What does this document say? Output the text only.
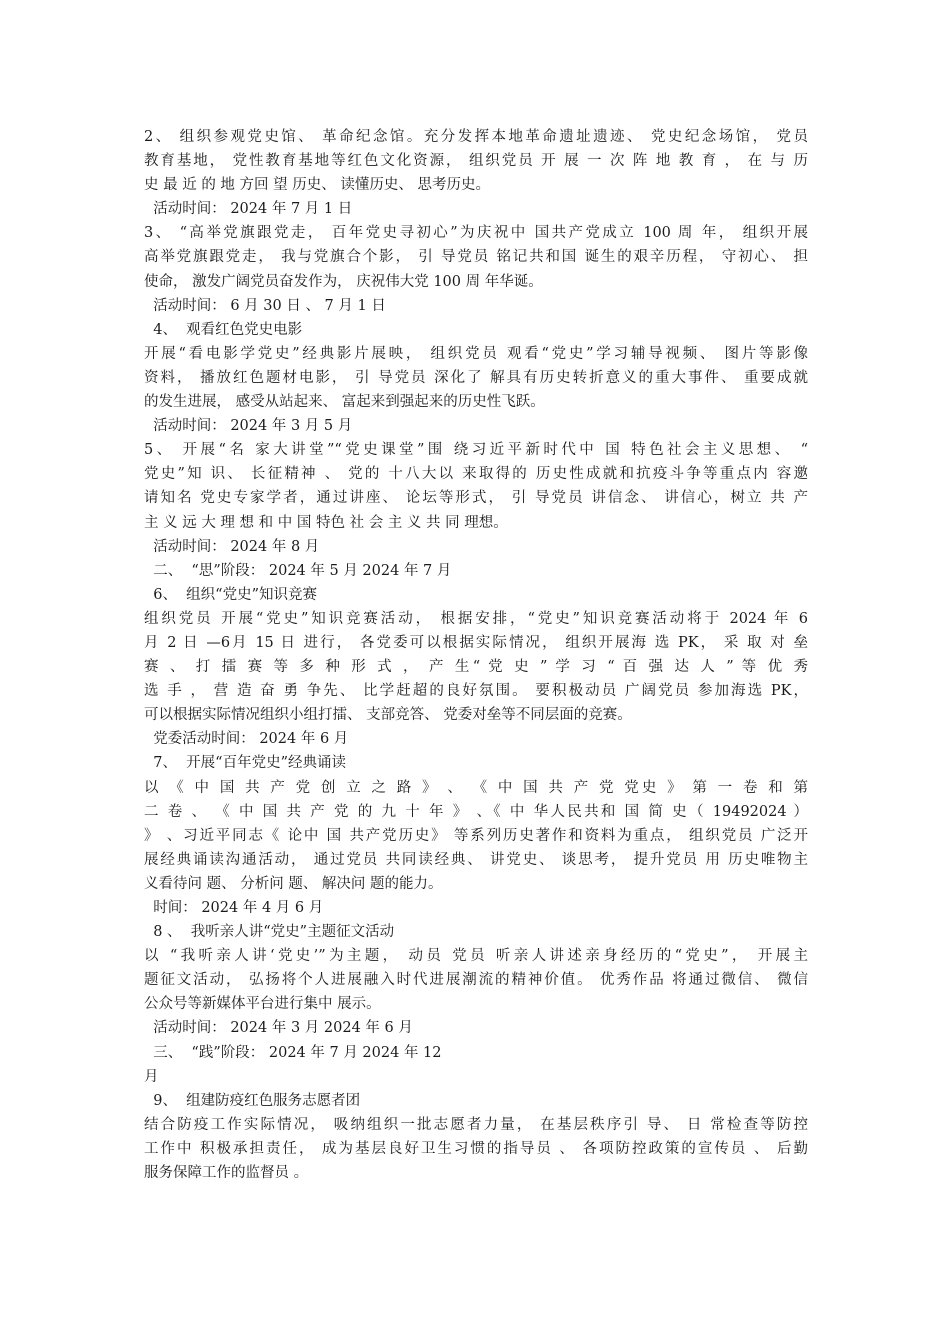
2、 组织参观党史馆、 革命纪念馆。充分发挥本地革命遗址遗迹、 党史纪念场馆， 党员
教育基地， 党性教育基地等红色文化资源， 组织党员 开 展 一 次 阵 地 教 育 ， 在 与 历
史 最 近 的 地 方回 望 历史、 读懂历史、 思考历史。
活动时间： 2024 年 7 月 1 日
3、 “高举党旗跟党走， 百年党史寻初心”为庆祝中 国共产党成立 100 周 年， 组织开展
高举党旗跟党走， 我与党旗合个影， 引 导党员 铭记共和国 诞生的艰辛历程， 守初心、 担
使命， 激发广阔党员奋发作为， 庆祝伟大党 100 周 年华诞。
活动时间： 6 月 30 日 、 7 月 1 日
4、  观看红色党史电影
开展“看电影学党史”经典影片展映， 组织党员 观看“党史”学习辅导视频、 图片等影像
资料， 播放红色题材电影， 引 导党员 深化了 解具有历史转折意义的重大事件、 重要成就
的发生进展， 感受从站起来、 富起来到强起来的历史性飞跃。
活动时间： 2024 年 3 月 5 月
5、 开展“名 家大讲堂”“党史课堂”围 绕习近平新时代中 国 特色社会主义思想、 “
党史”知 识、 长征精神 、 党的 十八大以 来取得的 历史性成就和抗疫斗争等重点内 容邀
请知名 党史专家学者，通过讲座、 论坛等形式， 引 导党员 讲信念、 讲信心，树立 共 产
主 义 远 大 理 想 和 中 国 特色 社 会 主 义 共 同 理想。
活动时间： 2024 年 8 月
二、  “思”阶段： 2024 年 5 月 2024 年 7 月
6、  组织“党史”知识竞赛
组织党员 开展“党史”知识竞赛活动， 根据安排，“党史”知识竞赛活动将于 2024 年 6
月 2 日 —6月 15 日 进行， 各党委可以根据实际情况， 组织开展海 选 PK， 采 取 对 垒
赛 、 打 擂 赛 等 多 种 形 式 ， 产 生“ 党 史 ” 学 习 “ 百 强 达 人 ” 等 优 秀
选 手 ， 营 造 奋 勇 争先、 比学赶超的良好氛围。 要积极动员 广阔党员 参加海选 PK，
可以根据实际情况组织小组打擂、 支部竞答、 党委对垒等不同层面的竞赛。
党委活动时间： 2024 年 6 月
7、  开展“百年党史”经典诵读
以 《 中 国 共 产 党 创 立 之 路 》 、 《 中 国 共 产 党 党史 》 第 一 卷 和 第
二 卷 、 《 中 国 共 产 党 的 九 十 年 》 、《 中 华人民共和 国 简 史（ 19492024 ）
》 、习近平同志《 论中 国 共产党历史》 等系列历史著作和资料为重点， 组织党员 广泛开
展经典诵读沟通活动， 通过党员 共同读经典、 讲党史、 谈思考， 提升党员 用 历史唯物主
义看待问 题、 分析问 题、 解决问 题的能力。
时间： 2024 年 4 月 6 月
8 、  我听亲人讲“党史”主题征文活动
以 “我听亲人讲‘党史’”为主题， 动员 党员 听亲人讲述亲身经历的“党史”， 开展主
题征文活动， 弘扬将个人进展融入时代进展潮流的精神价值。 优秀作品 将通过微信、 微信
公众号等新媒体平台进行集中 展示。
活动时间： 2024 年 3 月 2024 年 6 月
三、  “践”阶段： 2024 年 7 月 2024 年 12
月
9、  组建防疫红色服务志愿者团
结合防疫工作实际情况， 吸纳组织一批志愿者力量， 在基层秩序引 导、 日 常检查等防控
工作中 积极承担责任， 成为基层良好卫生习惯的指导员 、 各项防控政策的宣传员 、 后勤
服务保障工作的监督员 。
